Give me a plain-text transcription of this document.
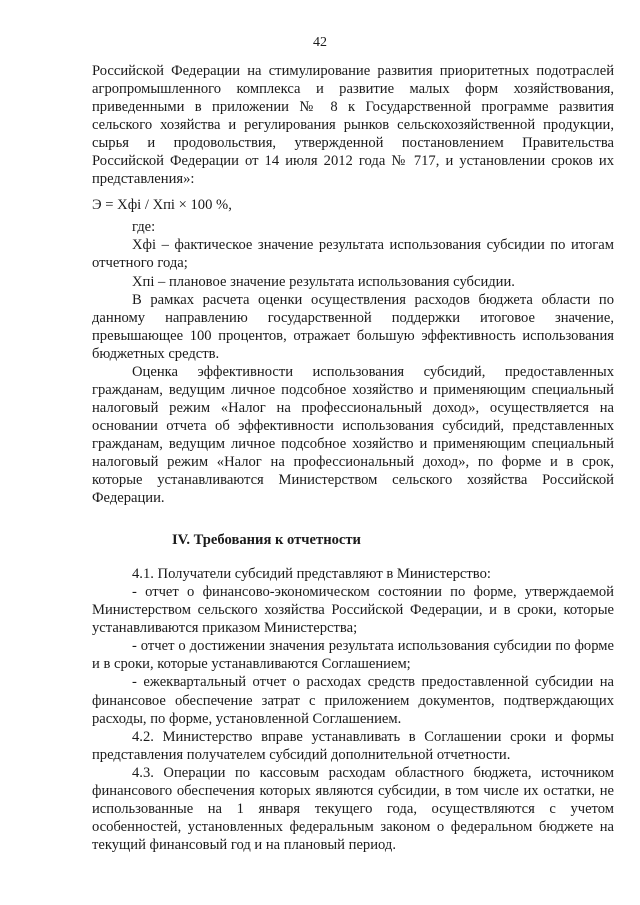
42

Российской Федерации на стимулирование развития приоритетных подотраслей агропромышленного комплекса и развитие малых форм хозяйствования, приведенными в приложении № 8 к Государственной программе развития сельского хозяйства и регулирования рынков сельскохозяйственной продукции, сырья и продовольствия, утвержденной постановлением Правительства Российской Федерации от 14 июля 2012 года № 717, и установлении сроков их представления»:

Э = Хфі / Хпі × 100 %,

где:

Хфі – фактическое значение результата использования субсидии по итогам отчетного года;

Хпі – плановое значение результата использования субсидии.

В рамках расчета оценки осуществления расходов бюджета области по данному направлению государственной поддержки итоговое значение, превышающее 100 процентов, отражает большую эффективность использования бюджетных средств.

Оценка эффективности использования субсидий, предоставленных гражданам, ведущим личное подсобное хозяйство и применяющим специальный налоговый режим «Налог на профессиональный доход», осуществляется на основании отчета об эффективности использования субсидий, представленных гражданам, ведущим личное подсобное хозяйство и применяющим специальный налоговый режим «Налог на профессиональный доход», по форме и в срок, которые устанавливаются Министерством сельского хозяйства Российской Федерации.

IV. Требования к отчетности

4.1. Получатели субсидий представляют в Министерство:

- отчет о финансово-экономическом состоянии по форме, утверждаемой Министерством сельского хозяйства Российской Федерации, и в сроки, которые устанавливаются приказом Министерства;

- отчет о достижении значения результата использования субсидии по форме и в сроки, которые устанавливаются Соглашением;

- ежеквартальный отчет о расходах средств предоставленной субсидии на финансовое обеспечение затрат с приложением документов, подтверждающих расходы, по форме, установленной Соглашением.

4.2. Министерство вправе устанавливать в Соглашении сроки и формы представления получателем субсидий дополнительной отчетности.

4.3. Операции по кассовым расходам областного бюджета, источником финансового обеспечения которых являются субсидии, в том числе их остатки, не использованные на 1 января текущего года, осуществляются с учетом особенностей, установленных федеральным законом о федеральном бюджете на текущий финансовый год и на плановый период.
